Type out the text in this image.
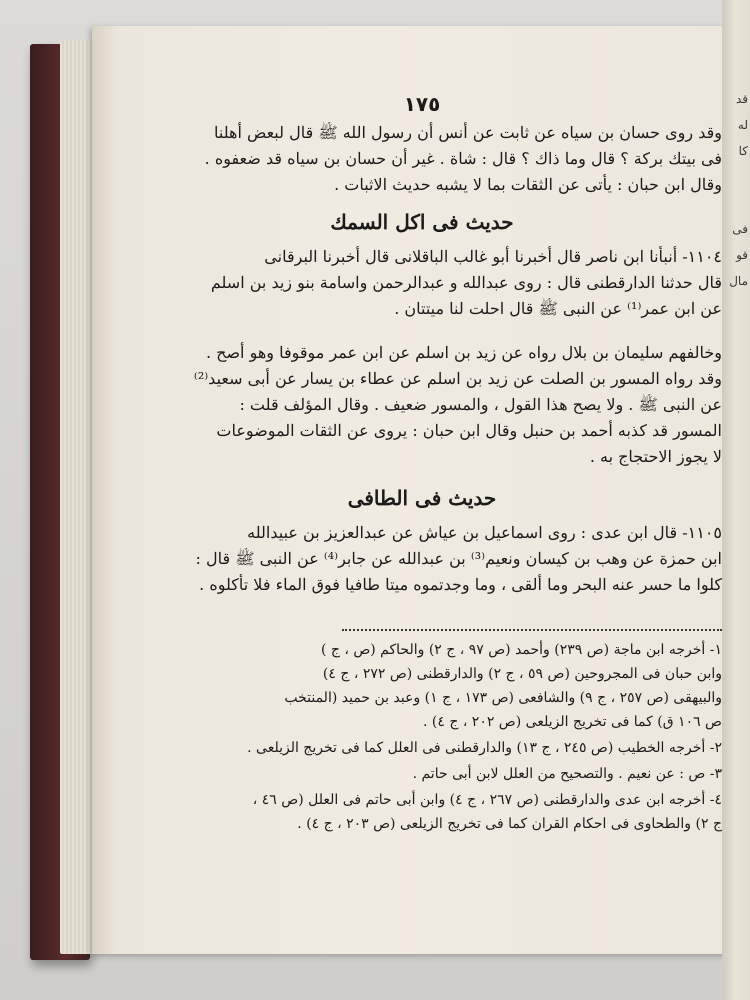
١٧٥
وقد روى حسان بن سياه عن ثابت عن أنس أن رسول الله ﷺ قال لبعض أهلنا
فى بيتك بركة ؟ قال وما ذاك ؟ قال : شاة . غير أن حسان بن سياه قد ضعفوه .
وقال ابن حبان : يأتى عن الثقات بما لا يشبه حديث الاثبات .
حديث فى اكل السمك
١١٠٤- أنبأنا ابن ناصر قال أخبرنا أبو غالب الباقلانى قال أخبرنا البرقانى
قال حدثنا الدارقطنى قال : روى عبدالله و عبدالرحمن واسامة بنو زيد بن اسلم
عن ابن عمر⁽¹⁾ عن النبى ﷺ قال احلت لنا ميتتان .
وخالفهم سليمان بن بلال رواه عن زيد بن اسلم عن ابن عمر موقوفا وهو أصح .
وقد رواه المسور بن الصلت عن زيد بن اسلم عن عطاء بن يسار عن أبى سعيد⁽²⁾
عن النبى ﷺ . ولا يصح هذا القول ، والمسور ضعيف . وقال المؤلف قلت :
المسور قد كذبه أحمد بن حنبل وقال ابن حبان : يروى عن الثقات الموضوعات
لا يجوز الاحتجاج به .
حديث فى الطافى
١١٠٥- قال ابن عدى : روى اسماعيل بن عياش عن عبدالعزيز بن عبيدالله
ابن حمزة عن وهب بن كيسان ونعيم⁽³⁾ بن عبدالله عن جابر⁽⁴⁾ عن النبى ﷺ قال :
كلوا ما حسر عنه البحر وما ألقى ، وما وجدتموه ميتا طافيا فوق الماء فلا تأكلوه .
١- أخرجه ابن ماجة (ص ٢٣٩) وأحمد (ص ٩٧ ، ج ٢) والحاكم (ص ، ج )
وابن حبان فى المجروحين (ص ٥٩ ، ج ٢) والدارقطنى (ص ٢٧٢ ، ج ٤)
والبيهقى (ص ٢٥٧ ، ج ٩) والشافعى (ص ١٧٣ ، ج ١) وعبد بن حميد (المنتخب
ص ١٠٦ ق) كما فى تخريج الزيلعى (ص ٢٠٢ ، ج ٤) .
٢- أخرجه الخطيب (ص ٢٤٥ ، ج ١٣) والدارقطنى فى العلل كما فى تخريج الزيلعى .
٣- ص : عن نعيم . والتصحيح من العلل لابن أبى حاتم .
٤- أخرجه ابن عدى والدارقطنى (ص ٢٦٧ ، ج ٤) وابن أبى حاتم فى العلل (ص ٤٦ ،
ج ٢) والطحاوى فى احكام القران كما فى تخريج الزيلعى (ص ٢٠٣ ، ج ٤) .
قد
له
كا
فى
قو
مال
